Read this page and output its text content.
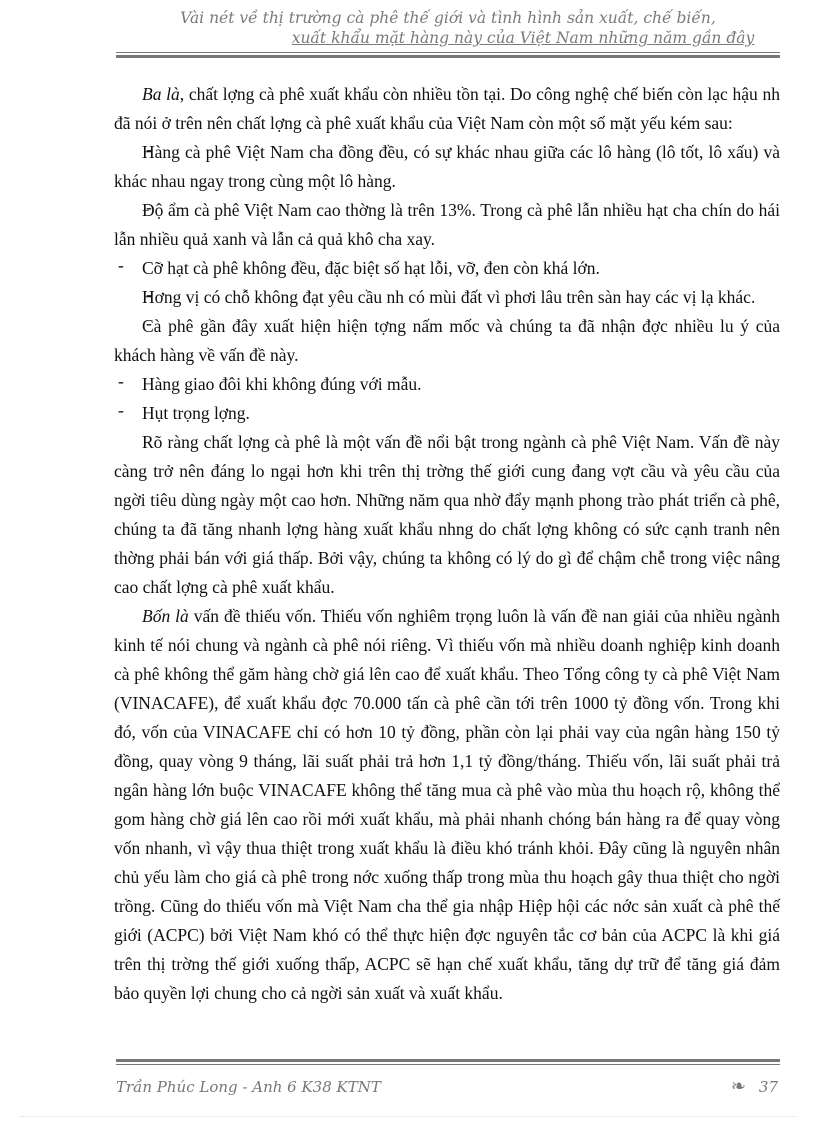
Vài nét về thị trường cà phê thế giới và tình hình sản xuất, chế biến,
xuất khẩu mặt hàng này của Việt Nam những năm gần đây

Ba là, chất lợng cà phê xuất khẩu còn nhiều tồn tại. Do công nghệ chế biến còn lạc hậu nh đã nói ở trên nên chất lợng cà phê xuất khẩu của Việt Nam còn một số mặt yếu kém sau:

- Hàng cà phê Việt Nam cha đồng đều, có sự khác nhau giữa các lô hàng (lô tốt, lô xấu) và khác nhau ngay trong cùng một lô hàng.

- Độ ẩm cà phê Việt Nam cao thờng là trên 13%. Trong cà phê lẫn nhiều hạt cha chín do hái lẫn nhiều quả xanh và lẫn cả quả khô cha xay.

- Cỡ hạt cà phê không đều, đặc biệt số hạt lỗi, vỡ, đen còn khá lớn.

- Hơng vị có chỗ không đạt yêu cầu nh có mùi đất vì phơi lâu trên sàn hay các vị lạ khác.

- Cà phê gần đây xuất hiện hiện tợng nấm mốc và chúng ta đã nhận đợc nhiều lu ý của khách hàng về vấn đề này.

- Hàng giao đôi khi không đúng với mẫu.

- Hụt trọng lợng.

Rõ ràng chất lợng cà phê là một vấn đề nổi bật trong ngành cà phê Việt Nam. Vấn đề này càng trở nên đáng lo ngại hơn khi trên thị trờng thế giới cung đang vợt cầu và yêu cầu của ngời tiêu dùng ngày một cao hơn. Những năm qua nhờ đẩy mạnh phong trào phát triển cà phê, chúng ta đã tăng nhanh lợng hàng xuất khẩu nhng do chất lợng không có sức cạnh tranh nên thờng phải bán với giá thấp. Bởi vậy, chúng ta không có lý do gì để chậm chễ trong việc nâng cao chất lợng cà phê xuất khẩu.

Bốn là vấn đề thiếu vốn. Thiếu vốn nghiêm trọng luôn là vấn đề nan giải của nhiều ngành kinh tế nói chung và ngành cà phê nói riêng. Vì thiếu vốn mà nhiều doanh nghiệp kinh doanh cà phê không thể găm hàng chờ giá lên cao để xuất khẩu. Theo Tổng công ty cà phê Việt Nam (VINACAFE), để xuất khẩu đợc 70.000 tấn cà phê cần tới trên 1000 tỷ đồng vốn. Trong khi đó, vốn của VINACAFE chỉ có hơn 10 tỷ đồng, phần còn lại phải vay của ngân hàng 150 tỷ đồng, quay vòng 9 tháng, lãi suất phải trả hơn 1,1 tỷ đồng/tháng. Thiếu vốn, lãi suất phải trả ngân hàng lớn buộc VINACAFE không thể tăng mua cà phê vào mùa thu hoạch rộ, không thể gom hàng chờ giá lên cao rồi mới xuất khẩu, mà phải nhanh chóng bán hàng ra để quay vòng vốn nhanh, vì vậy thua thiệt trong xuất khẩu là điều khó tránh khỏi. Đây cũng là nguyên nhân chủ yếu làm cho giá cà phê trong nớc xuống thấp trong mùa thu hoạch gây thua thiệt cho ngời trồng. Cũng do thiếu vốn mà Việt Nam cha thể gia nhập Hiệp hội các nớc sản xuất cà phê thế giới (ACPC) bởi Việt Nam khó có thể thực hiện đợc nguyên tắc cơ bản của ACPC là khi giá trên thị trờng thế giới xuống thấp, ACPC sẽ hạn chế xuất khẩu, tăng dự trữ để tăng giá đảm bảo quyền lợi chung cho cả ngời sản xuất và xuất khẩu.

Trần Phúc Long - Anh 6 K38 KTNT	❧ 37
